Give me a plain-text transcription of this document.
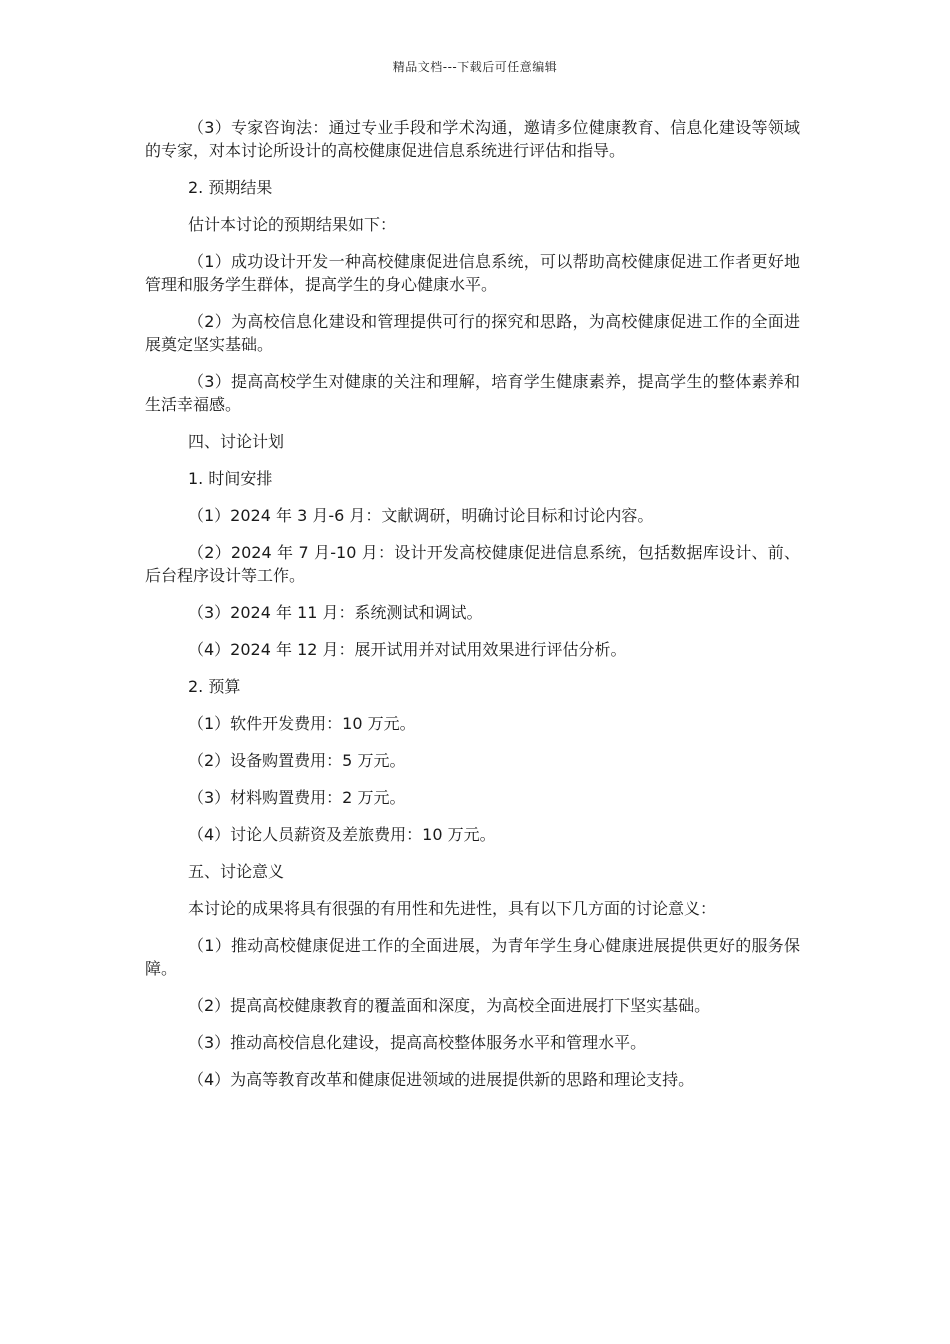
精品文档---下载后可任意编辑

（3）专家咨询法：通过专业手段和学术沟通，邀请多位健康教育、信息化建设等领域的专家，对本讨论所设计的高校健康促进信息系统进行评估和指导。

2. 预期结果

估计本讨论的预期结果如下：

（1）成功设计开发一种高校健康促进信息系统，可以帮助高校健康促进工作者更好地管理和服务学生群体，提高学生的身心健康水平。

（2）为高校信息化建设和管理提供可行的探究和思路，为高校健康促进工作的全面进展奠定坚实基础。

（3）提高高校学生对健康的关注和理解，培育学生健康素养，提高学生的整体素养和生活幸福感。

四、讨论计划

1. 时间安排

（1）2024 年 3 月-6 月：文献调研，明确讨论目标和讨论内容。

（2）2024 年 7 月-10 月：设计开发高校健康促进信息系统，包括数据库设计、前、后台程序设计等工作。

（3）2024 年 11 月：系统测试和调试。

（4）2024 年 12 月：展开试用并对试用效果进行评估分析。

2. 预算

（1）软件开发费用：10 万元。

（2）设备购置费用：5 万元。

（3）材料购置费用：2 万元。

（4）讨论人员薪资及差旅费用：10 万元。

五、讨论意义

本讨论的成果将具有很强的有用性和先进性，具有以下几方面的讨论意义：

（1）推动高校健康促进工作的全面进展，为青年学生身心健康进展提供更好的服务保障。

（2）提高高校健康教育的覆盖面和深度，为高校全面进展打下坚实基础。

（3）推动高校信息化建设，提高高校整体服务水平和管理水平。

（4）为高等教育改革和健康促进领域的进展提供新的思路和理论支持。
